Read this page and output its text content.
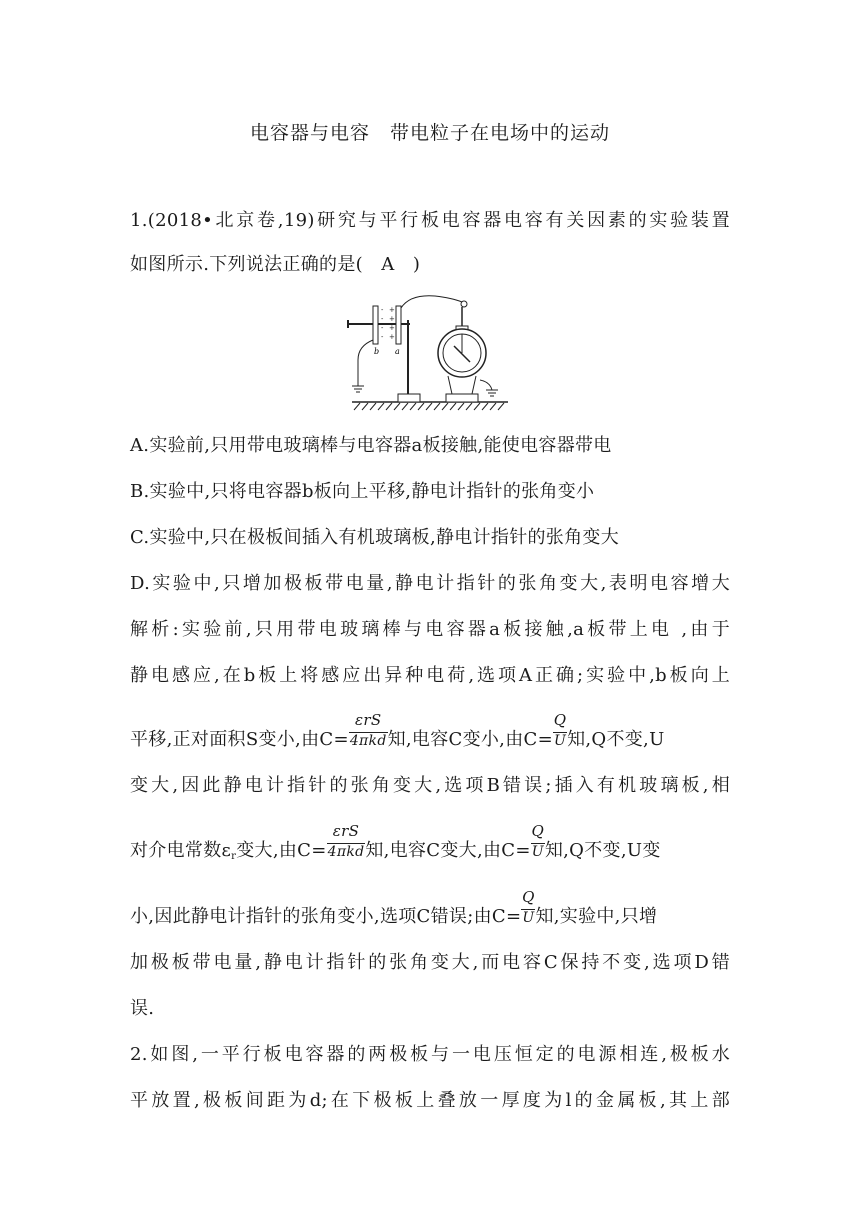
电容器与电容　带电粒子在电场中的运动
1.(2018•北京卷,19)研究与平行板电容器电容有关因素的实验装置
如图所示.下列说法正确的是(　A　)
b a
-
-
-
-
+
+
+
+
A.实验前,只用带电玻璃棒与电容器a板接触,能使电容器带电
B.实验中,只将电容器b板向上平移,静电计指针的张角变小
C.实验中,只在极板间插入有机玻璃板,静电计指针的张角变大
D.实验中,只增加极板带电量,静电计指针的张角变大,表明电容增大
解析:实验前,只用带电玻璃棒与电容器a板接触,a板带上电 ,由于
静电感应,在b板上将感应出异种电荷,选项A正确;实验中,b板向上
平移,正对面积S变小,由$C= \frac{\text{εrS}}{\text{4πkd}}$知,电容C变小,由$C= \frac{Q}{U}$知,Q不变,U
变大,因此静电计指针的张角变大,选项B错误;插入有机玻璃板,相
对介电常数$\varepsilon_r$变大,由$C= \frac{\text{εrS}}{\text{4πkd}}$知,电容C变大,由$C= \frac{Q}{U}$知,Q不变,U变
小,因此静电计指针的张角变小,选项C错误;由$C= \frac{Q}{U}$知,实验中,只增
加极板带电量,静电计指针的张角变大,而电容C保持不变,选项D错
误.
2.如图,一平行板电容器的两极板与一电压恒定的电源相连,极板水
平放置,极板间距为d;在下极板上叠放一厚度为l的金属板,其上部
